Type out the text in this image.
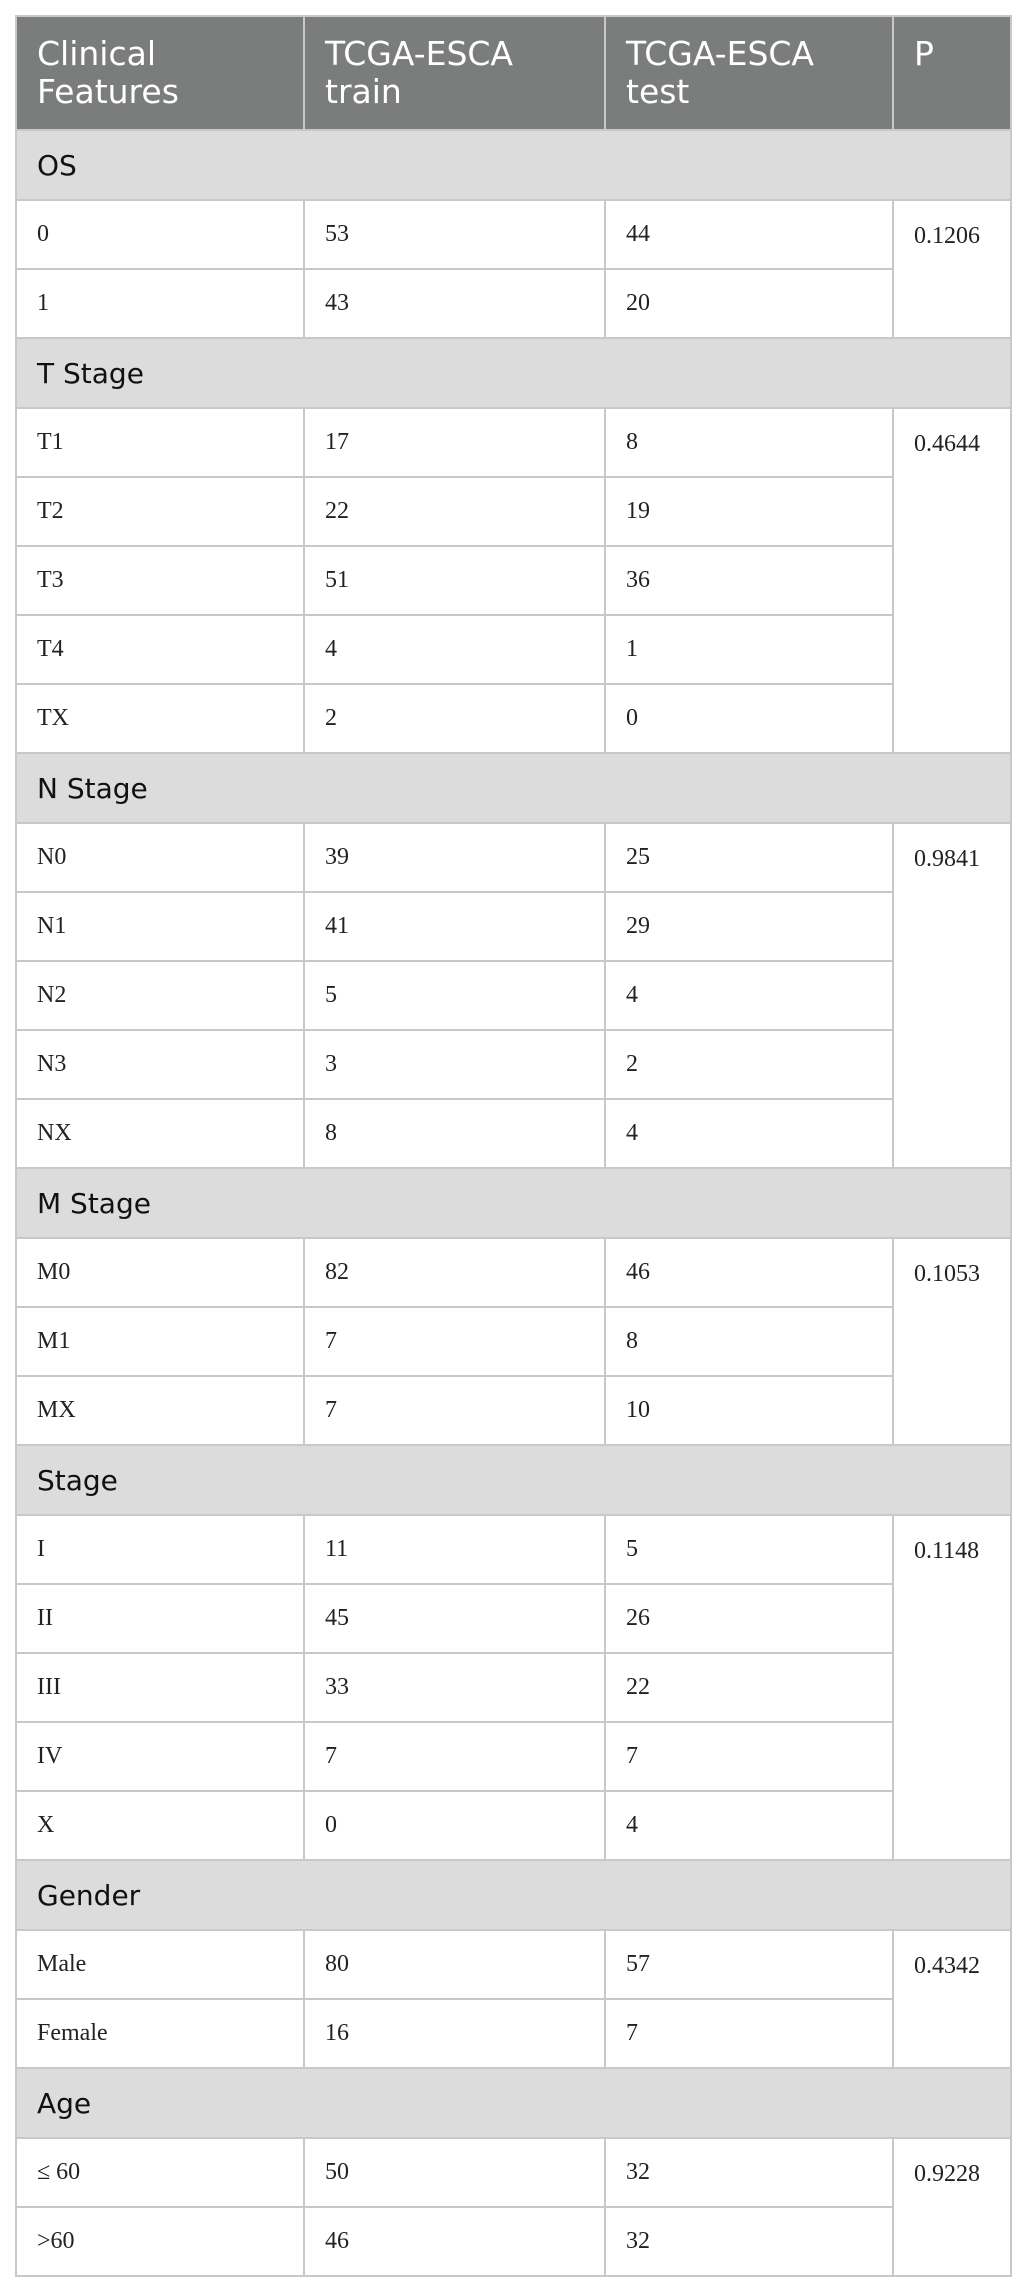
Clinical Features	TCGA-ESCA train	TCGA-ESCA test	P
OS			
0	53	44	0.1206
1	43	20	
T Stage			
T1	17	8	0.4644
T2	22	19	
T3	51	36	
T4	4	1	
TX	2	0	
N Stage			
N0	39	25	0.9841
N1	41	29	
N2	5	4	
N3	3	2	
NX	8	4	
M Stage			
M0	82	46	0.1053
M1	7	8	
MX	7	10	
Stage			
I	11	5	0.1148
II	45	26	
III	33	22	
IV	7	7	
X	0	4	
Gender			
Male	80	57	0.4342
Female	16	7	
Age			
≤ 60	50	32	0.9228
>60	46	32	
